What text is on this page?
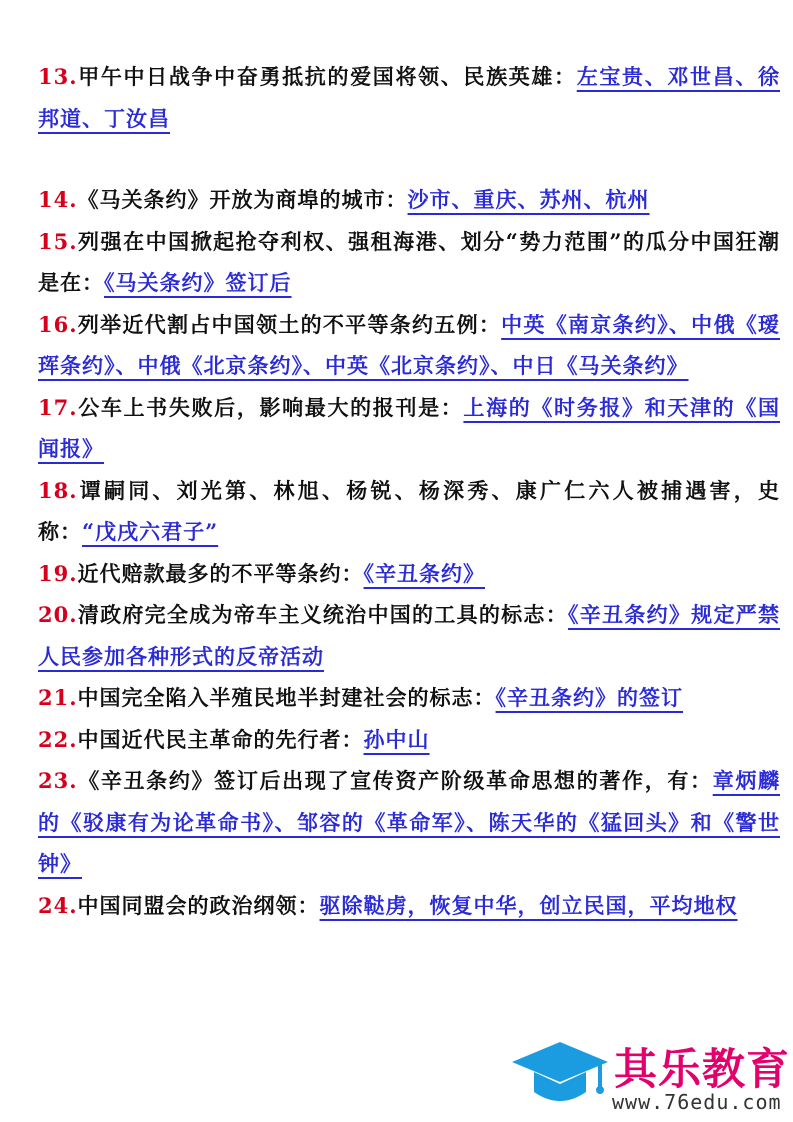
13.甲午中日战争中奋勇抵抗的爱国将领、民族英雄：左宝贵、邓世昌、徐邦道、丁汝昌

14.《马关条约》开放为商埠的城市：沙市、重庆、苏州、杭州

15.列强在中国掀起抢夺利权、强租海港、划分“势力范围”的瓜分中国狂潮是在：《马关条约》签订后

16.列举近代割占中国领土的不平等条约五例：中英《南京条约》、中俄《瑷珲条约》、中俄《北京条约》、中英《北京条约》、中日《马关条约》

17.公车上书失败后，影响最大的报刊是：上海的《时务报》和天津的《国闻报》

18.谭嗣同、刘光第、林旭、杨锐、杨深秀、康广仁六人被捕遇害，史称：“戊戌六君子”

19.近代赔款最多的不平等条约：《辛丑条约》

20.清政府完全成为帝车主义统治中国的工具的标志：《辛丑条约》规定严禁人民参加各种形式的反帝活动

21.中国完全陷入半殖民地半封建社会的标志：《辛丑条约》的签订

22.中国近代民主革命的先行者：孙中山

23.《辛丑条约》签订后出现了宣传资产阶级革命思想的著作，有：章炳麟的《驳康有为论革命书》、邹容的《革命军》、陈天华的《猛回头》和《警世钟》

24.中国同盟会的政治纲领：驱除鞑虏，恢复中华，创立民国，平均地权

其乐教育
www.76edu.com
